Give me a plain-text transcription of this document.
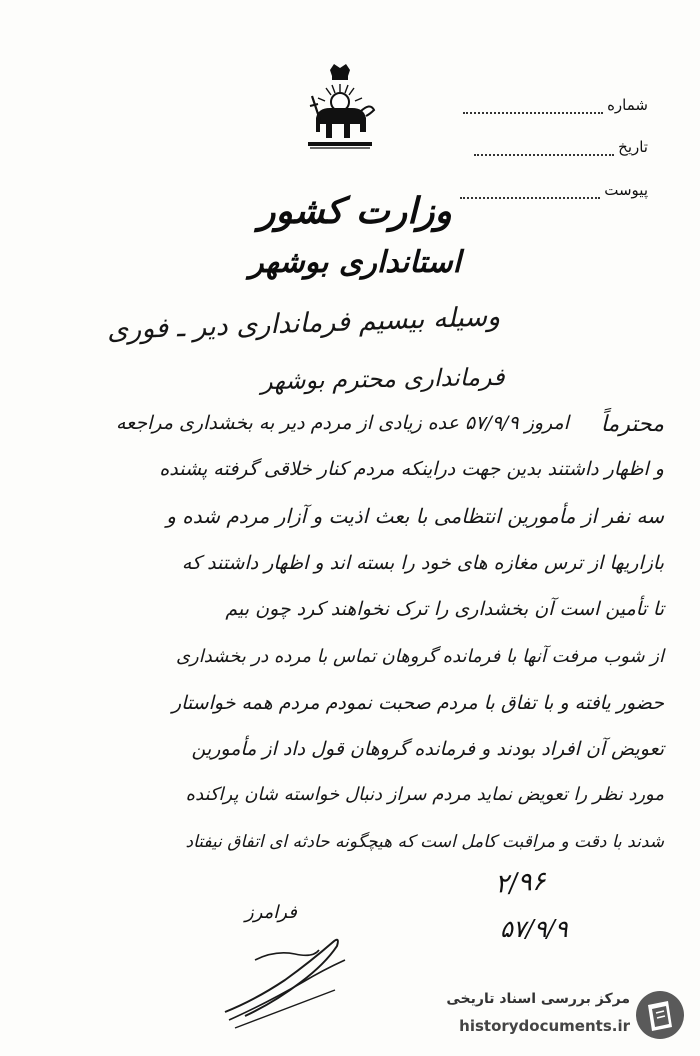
شماره
تاریخ
پیوست
وزارت کشور
استانداری بوشهر
وسیله بیسیم فرمانداری دیر ـ فوری
فرمانداری محترم بوشهر
محترماً
امروز ۵۷/۹/۹ عده زیادی از مردم دیر به بخشداری مراجعه
و اظهار داشتند بدین جهت دراینکه مردم کنار خلاقی گرفته پشنده
سه نفر از مأمورین انتظامی با بعث اذیت و آزار مردم شده و
بازاریها از ترس مغازه های خود را بسته اند و اظهار داشتند که
تا تأمین است آن بخشداری را ترک نخواهند کرد چون بیم
از شوب مرفت آنها با فرمانده گروهان تماس با مرده در بخشداری
حضور یافته و با تفاق با مردم صحبت نمودم مردم همه خواستار
تعویض آن افراد بودند و فرمانده گروهان قول داد از مأمورین
مورد نظر را تعویض نماید مردم سراز دنبال خواسته شان پراکنده
شدند با دقت و مراقبت کامل است که هیچگونه حادثه ای اتفاق نیفتاد
۲/۹۶
۵۷/۹/۹
فرامرز
مرکز بررسی اسناد تاریخی
historydocuments.ir
